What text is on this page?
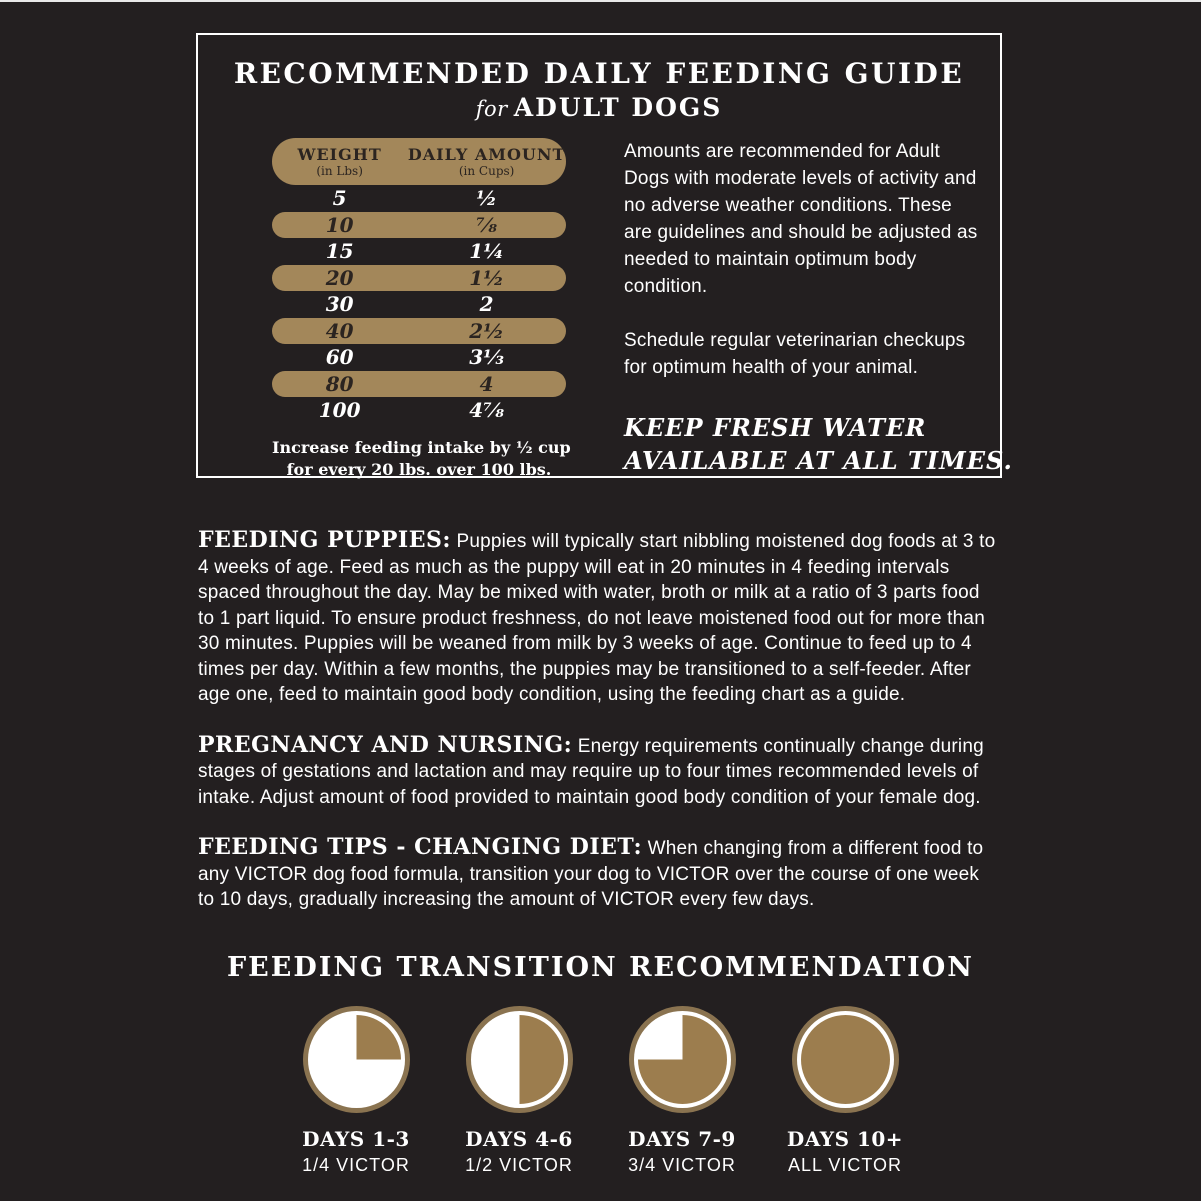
RECOMMENDED DAILY FEEDING GUIDE
for ADULT DOGS
WEIGHT
(in Lbs)
DAILY AMOUNT
(in Cups)
5	½
10	⅞
15	1¼
20	1½
30	2
40	2½
60	3⅓
80	4
100	4⅞
Increase feeding intake by ½ cup
for every 20 lbs. over 100 lbs.

Amounts are recommended for Adult Dogs with moderate levels of activity and no adverse weather conditions. These are guidelines and should be adjusted as needed to maintain optimum body condition.

Schedule regular veterinarian checkups for optimum health of your animal.

KEEP FRESH WATER
AVAILABLE AT ALL TIMES.

FEEDING PUPPIES: Puppies will typically start nibbling moistened dog foods at 3 to 4 weeks of age. Feed as much as the puppy will eat in 20 minutes in 4 feeding intervals spaced throughout the day. May be mixed with water, broth or milk at a ratio of 3 parts food to 1 part liquid. To ensure product freshness, do not leave moistened food out for more than 30 minutes. Puppies will be weaned from milk by 3 weeks of age. Continue to feed up to 4 times per day. Within a few months, the puppies may be transitioned to a self-feeder. After age one, feed to maintain good body condition, using the feeding chart as a guide.

PREGNANCY AND NURSING: Energy requirements continually change during stages of gestations and lactation and may require up to four times recommended levels of intake. Adjust amount of food provided to maintain good body condition of your female dog.

FEEDING TIPS - CHANGING DIET: When changing from a different food to any VICTOR dog food formula, transition your dog to VICTOR over the course of one week to 10 days, gradually increasing the amount of VICTOR every few days.

FEEDING TRANSITION RECOMMENDATION
DAYS 1-3
1/4 VICTOR
DAYS 4-6
1/2 VICTOR
DAYS 7-9
3/4 VICTOR
DAYS 10+
ALL VICTOR
